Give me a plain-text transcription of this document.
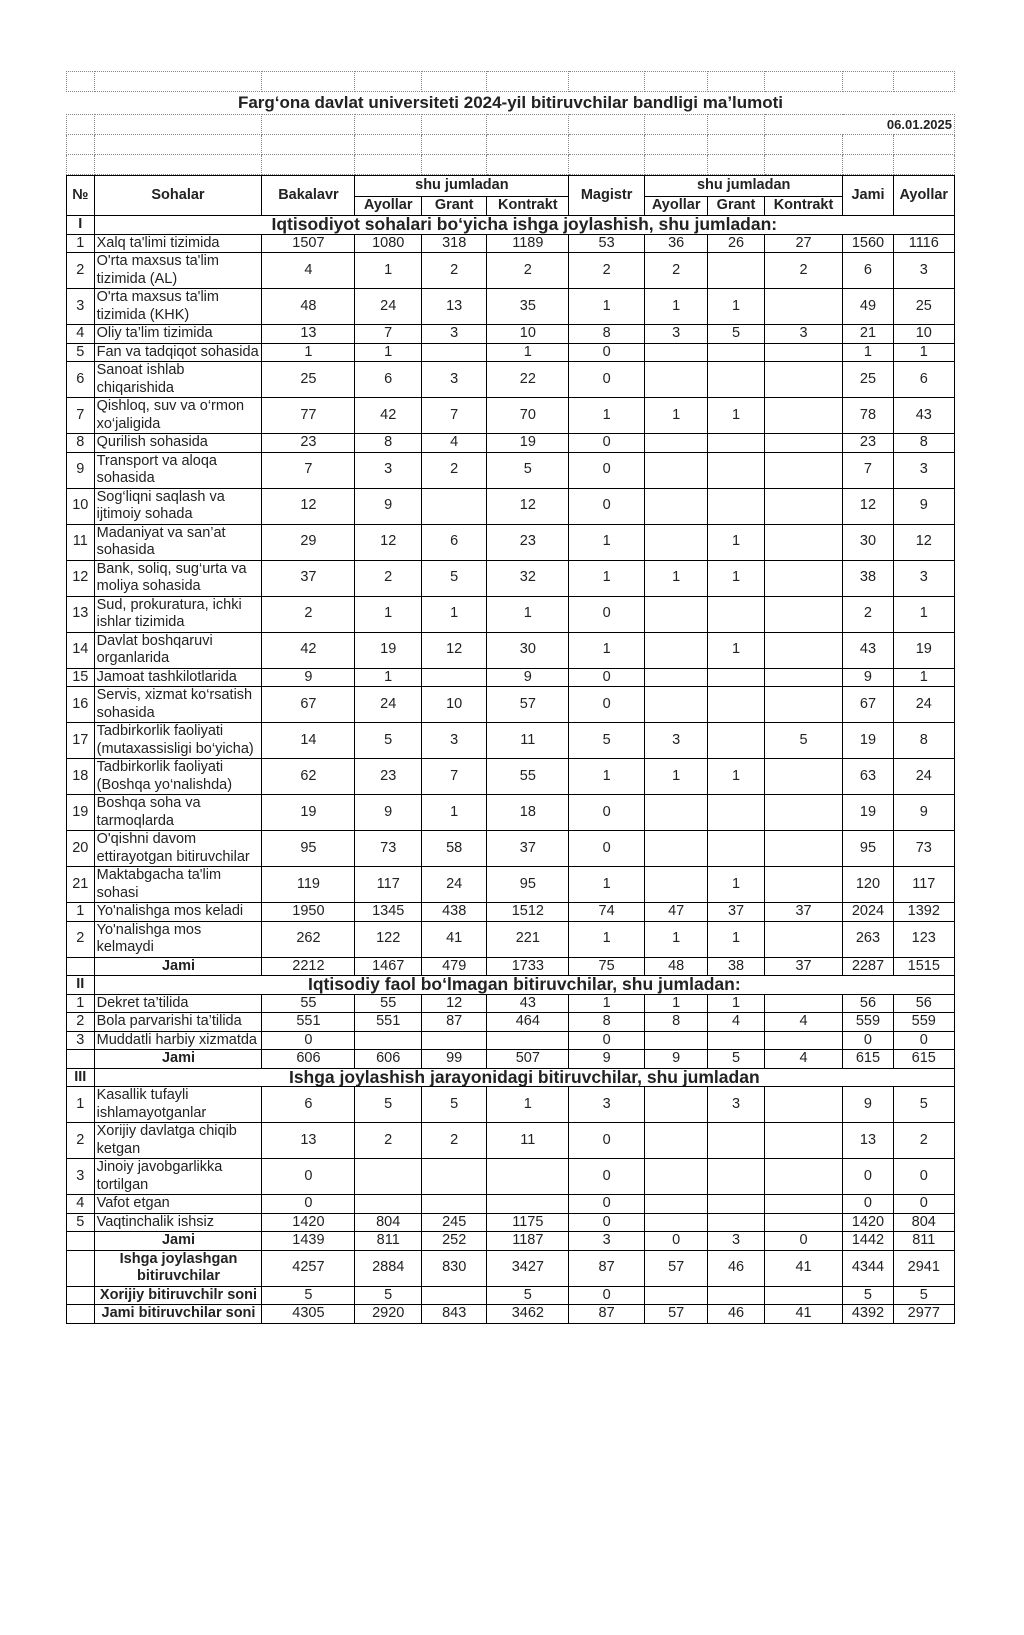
Farg‘ona davlat universiteti 2024-yil bitiruvchilar bandligi ma’lumoti											
									06.01.2025		

№	Sohalar	Bakalavr	shu jumladan			Magistr	shu jumladan			Jami	Ayollar
			Ayollar	Grant	Kontrakt		Ayollar	Grant	Kontrakt		
I	Iqtisodiyot sohalari bo‘yicha ishga joylashish, shu jumladan:										
1	Xalq ta'limi tizimida	1507	1080	318	1189	53	36	26	27	1560	1116
2	O'rta maxsus ta'lim tizimida (AL)	4	1	2	2	2	2		2	6	3
3	O'rta maxsus ta'lim tizimida (KHK)	48	24	13	35	1	1	1		49	25
4	Oliy ta’lim tizimida	13	7	3	10	8	3	5	3	21	10
5	Fan va tadqiqot sohasida	1	1		1	0				1	1
6	Sanoat ishlab chiqarishida	25	6	3	22	0				25	6
7	Qishloq, suv va o‘rmon xo‘jaligida	77	42	7	70	1	1	1		78	43
8	Qurilish sohasida	23	8	4	19	0				23	8
9	Transport va aloqa sohasida	7	3	2	5	0				7	3
10	Sog‘liqni saqlash va ijtimoiy sohada	12	9		12	0				12	9
11	Madaniyat va san’at sohasida	29	12	6	23	1		1		30	12
12	Bank, soliq, sug‘urta va moliya sohasida	37	2	5	32	1	1	1		38	3
13	Sud, prokuratura, ichki ishlar tizimida	2	1	1	1	0				2	1
14	Davlat boshqaruvi organlarida	42	19	12	30	1		1		43	19
15	Jamoat tashkilotlarida	9	1		9	0				9	1
16	Servis, xizmat ko‘rsatish sohasida	67	24	10	57	0				67	24
17	Tadbirkorlik faoliyati (mutaxassisligi bo‘yicha)	14	5	3	11	5	3		5	19	8
18	Tadbirkorlik faoliyati (Boshqa yo‘nalishda)	62	23	7	55	1	1	1		63	24
19	Boshqa soha va tarmoqlarda	19	9	1	18	0				19	9
20	O'qishni davom ettirayotgan bitiruvchilar	95	73	58	37	0				95	73
21	Maktabgacha ta'lim sohasi	119	117	24	95	1		1		120	117
1	Yo'nalishga mos keladi	1950	1345	438	1512	74	47	37	37	2024	1392
2	Yo'nalishga mos kelmaydi	262	122	41	221	1	1	1		263	123
	Jami	2212	1467	479	1733	75	48	38	37	2287	1515
II	Iqtisodiy faol bo‘lmagan bitiruvchilar, shu jumladan:										
1	Dekret ta’tilida	55	55	12	43	1	1	1		56	56
2	Bola parvarishi ta’tilida	551	551	87	464	8	8	4	4	559	559
3	Muddatli harbiy xizmatda	0				0				0	0
	Jami	606	606	99	507	9	9	5	4	615	615
III	Ishga joylashish jarayonidagi bitiruvchilar, shu jumladan										
1	Kasallik tufayli ishlamayotganlar	6	5	5	1	3		3		9	5
2	Xorijiy davlatga chiqib ketgan	13	2	2	11	0				13	2
3	Jinoiy javobgarlikka tortilgan	0				0				0	0
4	Vafot etgan	0				0				0	0
5	Vaqtinchalik ishsiz	1420	804	245	1175	0				1420	804
	Jami	1439	811	252	1187	3	0	3	0	1442	811
	Ishga joylashgan bitiruvchilar	4257	2884	830	3427	87	57	46	41	4344	2941
	Xorijiy bitiruvchilr soni	5	5		5	0				5	5
	Jami bitiruvchilar soni	4305	2920	843	3462	87	57	46	41	4392	2977
